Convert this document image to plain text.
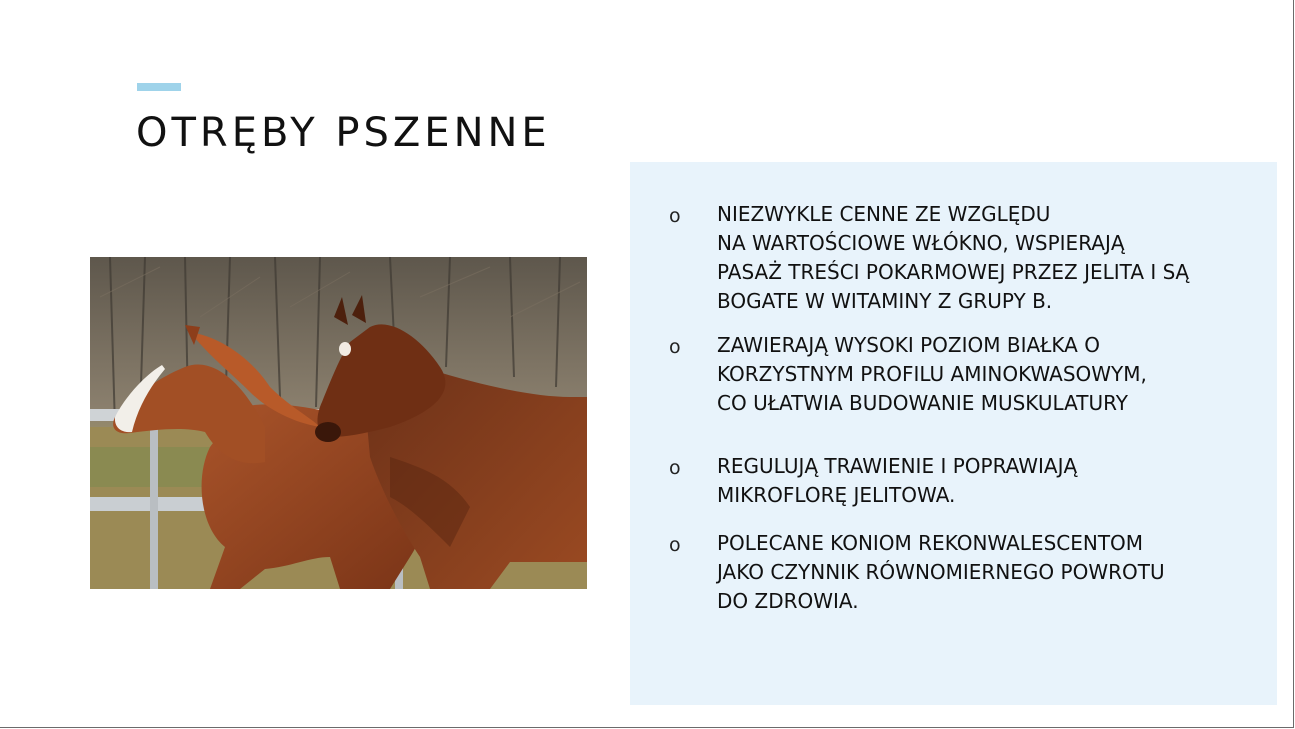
OTRĘBY PSZENNE
o NIEZWYKLE CENNE ZE WZGLĘDU
NA WARTOŚCIOWE WŁÓKNO, WSPIERAJĄ
PASAŻ TREŚCI POKARMOWEJ PRZEZ JELITA I SĄ
BOGATE W WITAMINY Z GRUPY B.
o ZAWIERAJĄ WYSOKI POZIOM BIAŁKA O
KORZYSTNYM PROFILU AMINOKWASOWYM,
CO UŁATWIA BUDOWANIE MUSKULATURY
o REGULUJĄ TRAWIENIE I POPRAWIAJĄ
MIKROFLORĘ JELITOWA.
o POLECANE KONIOM REKONWALESCENTOM
JAKO CZYNNIK RÓWNOMIERNEGO POWROTU
DO ZDROWIA.
